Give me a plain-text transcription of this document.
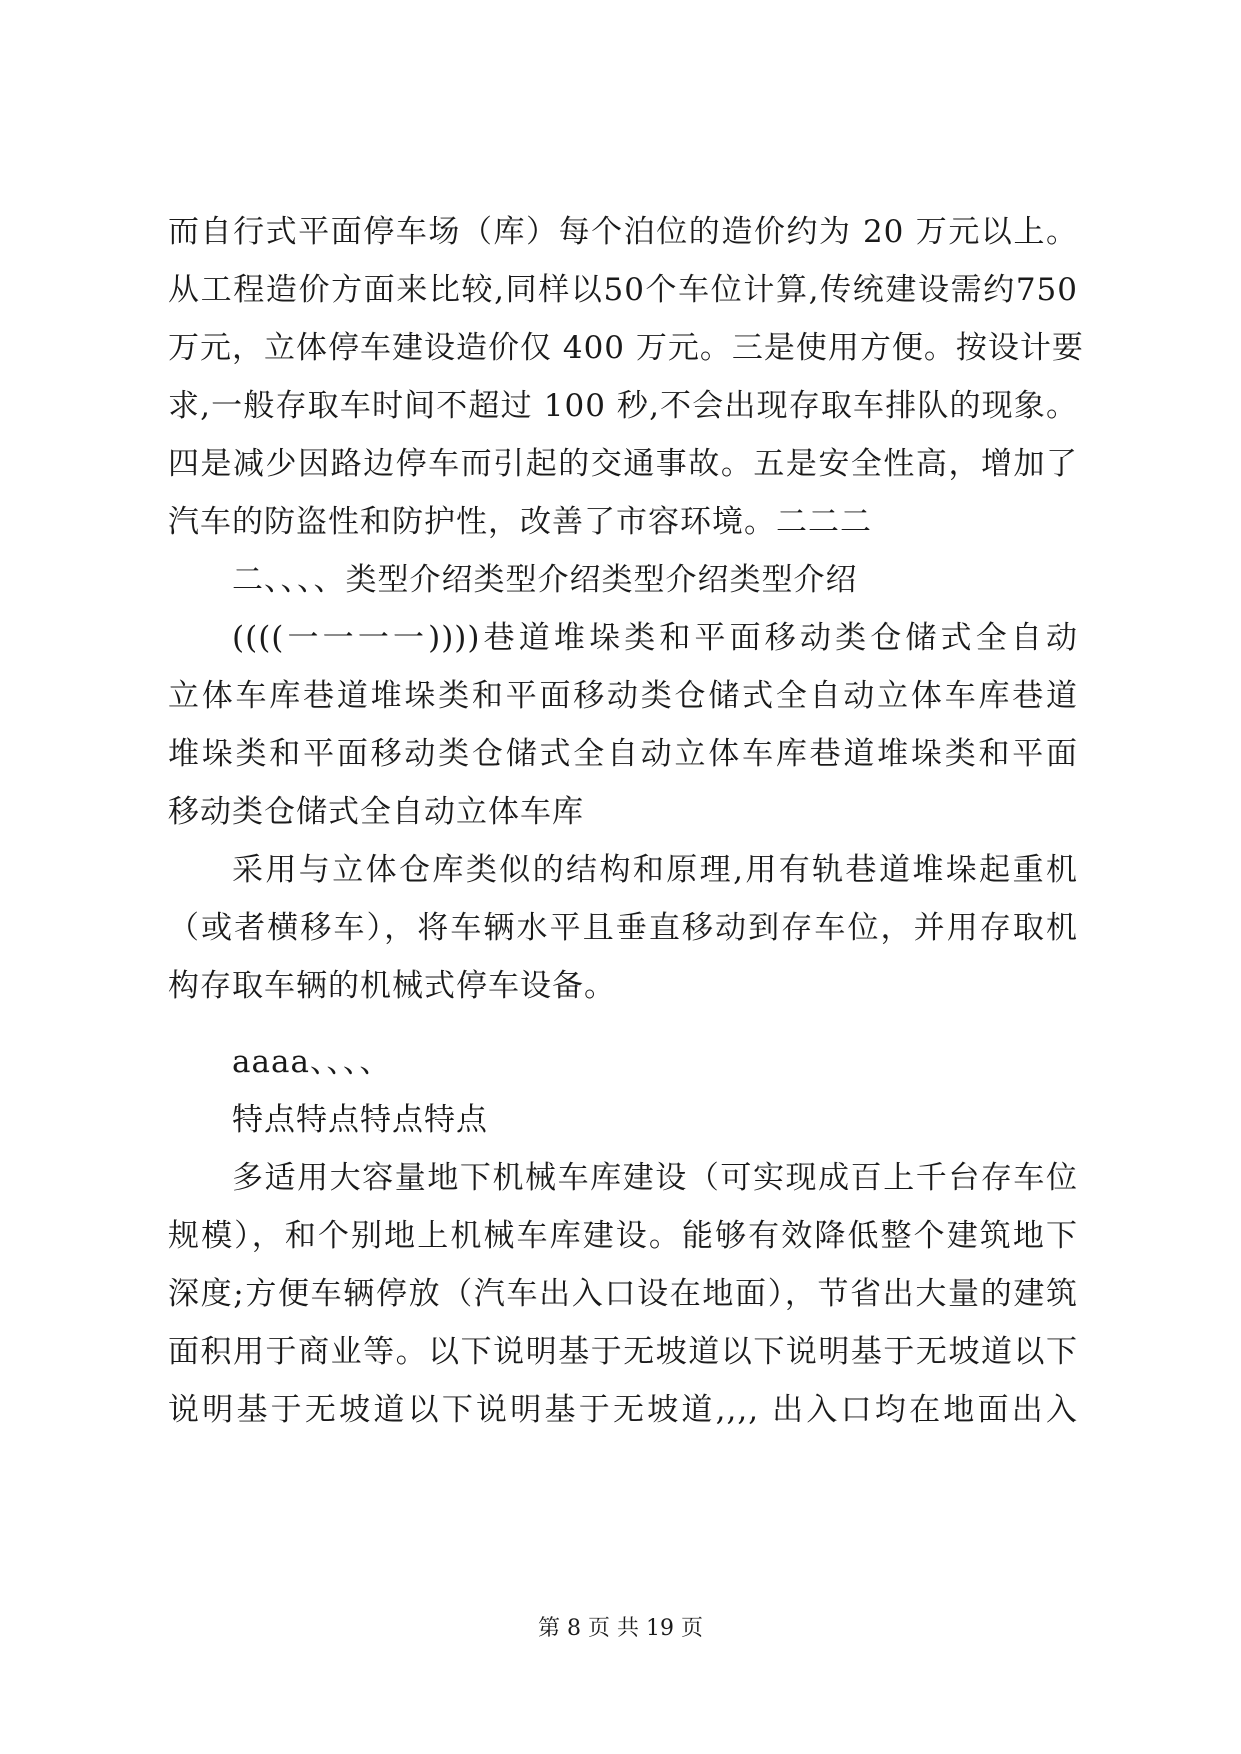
而自行式平面停车场（库）每个泊位的造价约为 20 万元以上。
从工程造价方面来比较,同样以50个车位计算,传统建设需约750
万元，立体停车建设造价仅 400 万元。三是使用方便。按设计要
求,一般存取车时间不超过 100 秒,不会出现存取车排队的现象。
四是减少因路边停车而引起的交通事故。五是安全性高，增加了
汽车的防盗性和防护性，改善了市容环境。二二二
二、、、、类型介绍类型介绍类型介绍类型介绍
((((一一一一))))巷道堆垛类和平面移动类仓储式全自动
立体车库巷道堆垛类和平面移动类仓储式全自动立体车库巷道
堆垛类和平面移动类仓储式全自动立体车库巷道堆垛类和平面
移动类仓储式全自动立体车库
采用与立体仓库类似的结构和原理,用有轨巷道堆垛起重机
（或者横移车），将车辆水平且垂直移动到存车位，并用存取机
构存取车辆的机械式停车设备。
aaaa、、、、
特点特点特点特点
多适用大容量地下机械车库建设（可实现成百上千台存车位
规模），和个别地上机械车库建设。能够有效降低整个建筑地下
深度;方便车辆停放（汽车出入口设在地面），节省出大量的建筑
面积用于商业等。以下说明基于无坡道以下说明基于无坡道以下
说明基于无坡道以下说明基于无坡道,,,, 出入口均在地面出入
第 8 页 共 19 页
